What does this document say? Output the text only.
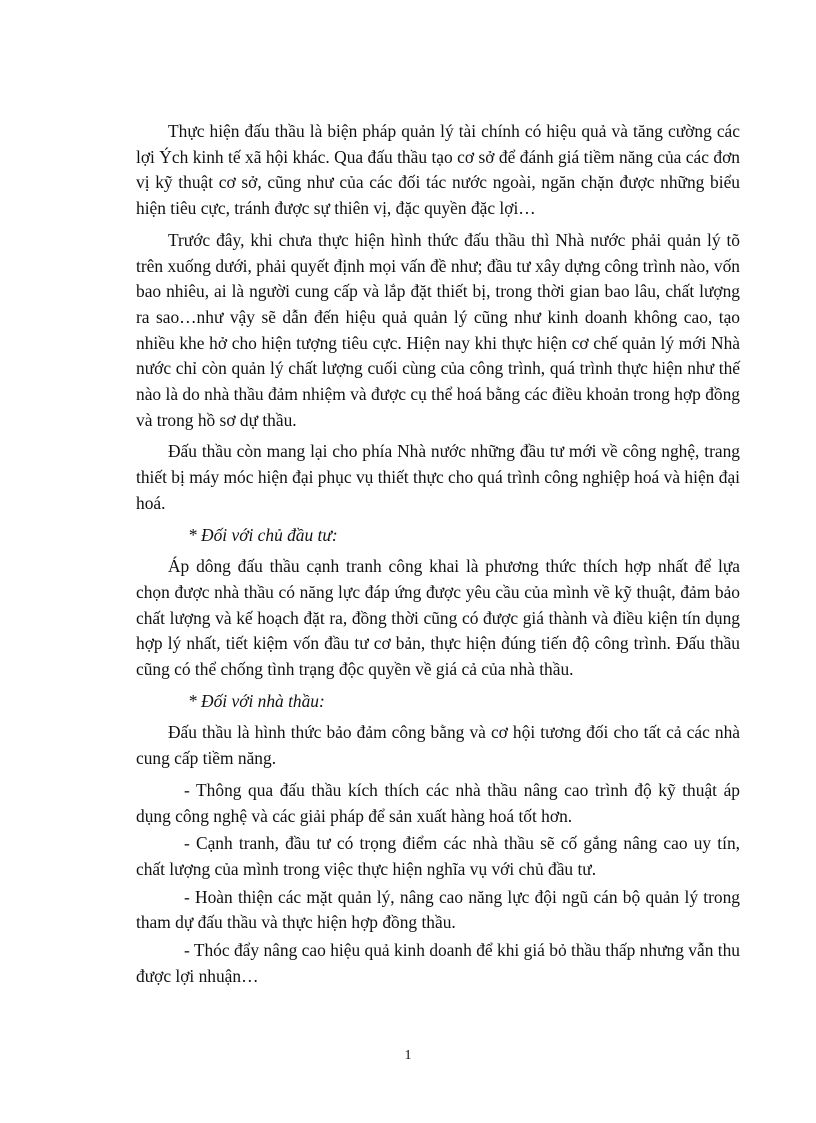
Thực hiện đấu thầu là biện pháp quản lý tài chính có hiệu quả và tăng cường các lợi Ých kinh tế xã hội khác. Qua đấu thầu tạo cơ sở để đánh giá tiềm năng của các đơn vị kỹ thuật cơ sở, cũng như của các đối tác nước ngoài, ngăn chặn được những biểu hiện tiêu cực, tránh được sự thiên vị, đặc quyền đặc lợi…

Trước đây, khi chưa thực hiện hình thức đấu thầu thì Nhà nước phải quản lý tõ trên xuống dưới, phải quyết định mọi vấn đề như; đầu tư xây dựng công trình nào, vốn bao nhiêu, ai là người cung cấp và lắp đặt thiết bị, trong thời gian bao lâu, chất lượng ra sao…như vậy sẽ dẫn đến hiệu quả quản lý cũng như kinh doanh không cao, tạo nhiều khe hở cho hiện tượng tiêu cực. Hiện nay khi thực hiện cơ chế quản lý mới Nhà nước chỉ còn quản lý chất lượng cuối cùng của công trình, quá trình thực hiện như thế nào là do nhà thầu đảm nhiệm và được cụ thể hoá bằng các điều khoản trong hợp đồng và trong hồ sơ dự thầu.

Đấu thầu còn mang lại cho phía Nhà nước những đầu tư mới về công nghệ, trang thiết bị máy móc hiện đại phục vụ thiết thực cho quá trình công nghiệp hoá và hiện đại hoá.

* Đối với chủ đầu tư:

Áp dông đấu thầu cạnh tranh công khai là phương thức thích hợp nhất để lựa chọn được nhà thầu có năng lực đáp ứng được yêu cầu của mình về kỹ thuật, đảm bảo chất lượng và kế hoạch đặt ra, đồng thời cũng có được giá thành và điều kiện tín dụng hợp lý nhất, tiết kiệm vốn đầu tư cơ bản, thực hiện đúng tiến độ công trình. Đấu thầu cũng có thể chống tình trạng độc quyền về giá cả của nhà thầu.

* Đối với nhà thầu:

Đấu thầu là hình thức bảo đảm công bằng và cơ hội tương đối cho tất cả các nhà cung cấp tiềm năng.

- Thông qua đấu thầu kích thích các nhà thầu nâng cao trình độ kỹ thuật áp dụng công nghệ và các giải pháp để sản xuất hàng hoá tốt hơn.

- Cạnh tranh, đầu tư có trọng điểm các nhà thầu sẽ cố gắng nâng cao uy tín, chất lượng của mình trong việc thực hiện nghĩa vụ với chủ đầu tư.

- Hoàn thiện các mặt quản lý, nâng cao năng lực đội ngũ cán bộ quản lý trong tham dự đấu thầu và thực hiện hợp đồng thầu.

- Thóc đẩy nâng cao hiệu quả kinh doanh để khi giá bỏ thầu thấp nhưng vẫn thu được lợi nhuận…

1
